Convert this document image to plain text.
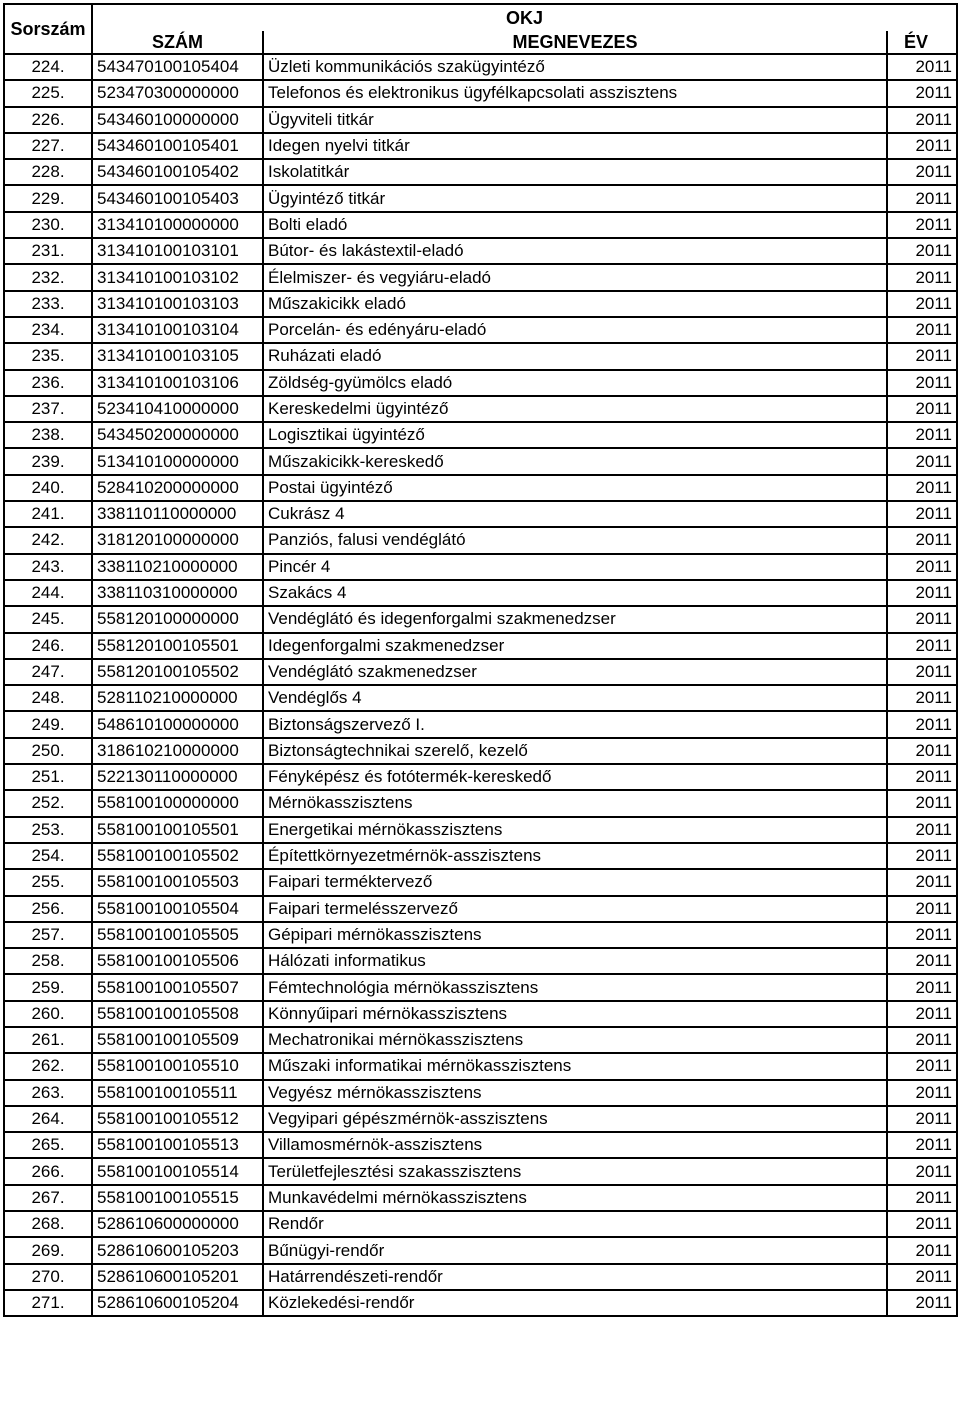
Sorszám	OKJ		
	SZÁM	MEGNEVEZES	ÉV
224.	543470100105404	Üzleti kommunikációs szakügyintéző	2011
225.	523470300000000	Telefonos és elektronikus ügyfélkapcsolati asszisztens	2011
226.	543460100000000	Ügyviteli titkár	2011
227.	543460100105401	Idegen nyelvi titkár	2011
228.	543460100105402	Iskolatitkár	2011
229.	543460100105403	Ügyintéző titkár	2011
230.	313410100000000	Bolti eladó	2011
231.	313410100103101	Bútor- és lakástextil-eladó	2011
232.	313410100103102	Élelmiszer- és vegyiáru-eladó	2011
233.	313410100103103	Műszakicikk eladó	2011
234.	313410100103104	Porcelán- és edényáru-eladó	2011
235.	313410100103105	Ruházati eladó	2011
236.	313410100103106	Zöldség-gyümölcs eladó	2011
237.	523410410000000	Kereskedelmi ügyintéző	2011
238.	543450200000000	Logisztikai ügyintéző	2011
239.	513410100000000	Műszakicikk-kereskedő	2011
240.	528410200000000	Postai ügyintéző	2011
241.	338110110000000	Cukrász 4	2011
242.	318120100000000	Panziós, falusi vendéglátó	2011
243.	338110210000000	Pincér 4	2011
244.	338110310000000	Szakács 4	2011
245.	558120100000000	Vendéglátó és idegenforgalmi szakmenedzser	2011
246.	558120100105501	Idegenforgalmi szakmenedzser	2011
247.	558120100105502	Vendéglátó szakmenedzser	2011
248.	528110210000000	Vendéglős 4	2011
249.	548610100000000	Biztonságszervező I.	2011
250.	318610210000000	Biztonságtechnikai szerelő, kezelő	2011
251.	522130110000000	Fényképész és fotótermék-kereskedő	2011
252.	558100100000000	Mérnökasszisztens	2011
253.	558100100105501	Energetikai mérnökasszisztens	2011
254.	558100100105502	Építettkörnyezetmérnök-asszisztens	2011
255.	558100100105503	Faipari terméktervező	2011
256.	558100100105504	Faipari termelésszervező	2011
257.	558100100105505	Gépipari mérnökasszisztens	2011
258.	558100100105506	Hálózati informatikus	2011
259.	558100100105507	Fémtechnológia mérnökasszisztens	2011
260.	558100100105508	Könnyűipari mérnökasszisztens	2011
261.	558100100105509	Mechatronikai mérnökasszisztens	2011
262.	558100100105510	Műszaki informatikai mérnökasszisztens	2011
263.	558100100105511	Vegyész mérnökasszisztens	2011
264.	558100100105512	Vegyipari gépészmérnök-asszisztens	2011
265.	558100100105513	Villamosmérnök-asszisztens	2011
266.	558100100105514	Területfejlesztési szakasszisztens	2011
267.	558100100105515	Munkavédelmi mérnökasszisztens	2011
268.	528610600000000	Rendőr	2011
269.	528610600105203	Bűnügyi-rendőr	2011
270.	528610600105201	Határrendészeti-rendőr	2011
271.	528610600105204	Közlekedési-rendőr	2011
